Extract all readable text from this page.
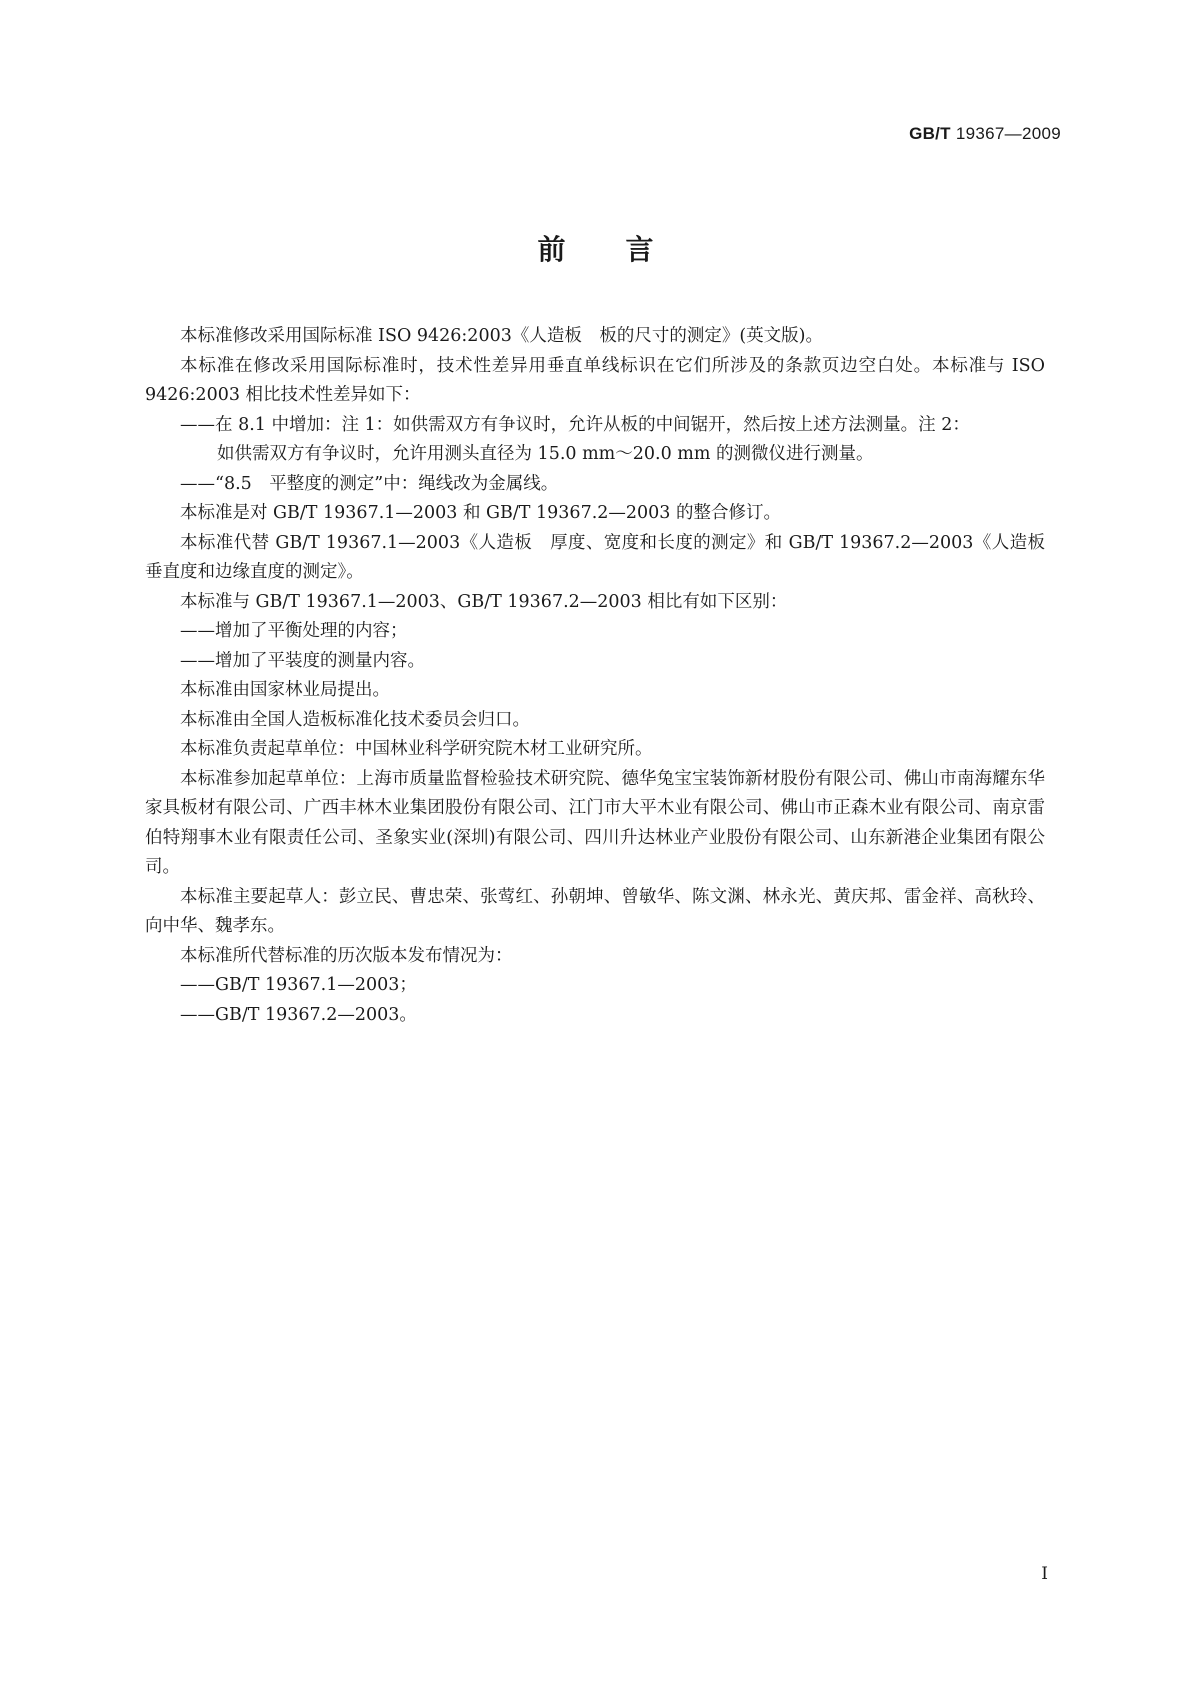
GB/T 19367—2009
前言

本标准修改采用国际标准 ISO 9426:2003《人造板　板的尺寸的测定》(英文版)。

本标准在修改采用国际标准时，技术性差异用垂直单线标识在它们所涉及的条款页边空白处。本标准与 ISO 9426:2003 相比技术性差异如下：

——在 8.1 中增加：注 1：如供需双方有争议时，允许从板的中间锯开，然后按上述方法测量。注 2：

如供需双方有争议时，允许用测头直径为 15.0 mm～20.0 mm 的测微仪进行测量。

——“8.5　平整度的测定”中：绳线改为金属线。

本标准是对 GB/T 19367.1—2003 和 GB/T 19367.2—2003 的整合修订。

本标准代替 GB/T 19367.1—2003《人造板　厚度、宽度和长度的测定》和 GB/T 19367.2—2003《人造板　垂直度和边缘直度的测定》。

本标准与 GB/T 19367.1—2003、GB/T 19367.2—2003 相比有如下区别：

——增加了平衡处理的内容；

——增加了平装度的测量内容。

本标准由国家林业局提出。

本标准由全国人造板标准化技术委员会归口。

本标准负责起草单位：中国林业科学研究院木材工业研究所。

本标准参加起草单位：上海市质量监督检验技术研究院、德华兔宝宝装饰新材股份有限公司、佛山市南海耀东华家具板材有限公司、广西丰林木业集团股份有限公司、江门市大平木业有限公司、佛山市正森木业有限公司、南京雷伯特翔事木业有限责任公司、圣象实业(深圳)有限公司、四川升达林业产业股份有限公司、山东新港企业集团有限公司。

本标准主要起草人：彭立民、曹忠荣、张莺红、孙朝坤、曾敏华、陈文渊、林永光、黄庆邦、雷金祥、高秋玲、向中华、魏孝东。

本标准所代替标准的历次版本发布情况为：

——GB/T 19367.1—2003；

——GB/T 19367.2—2003。

I
